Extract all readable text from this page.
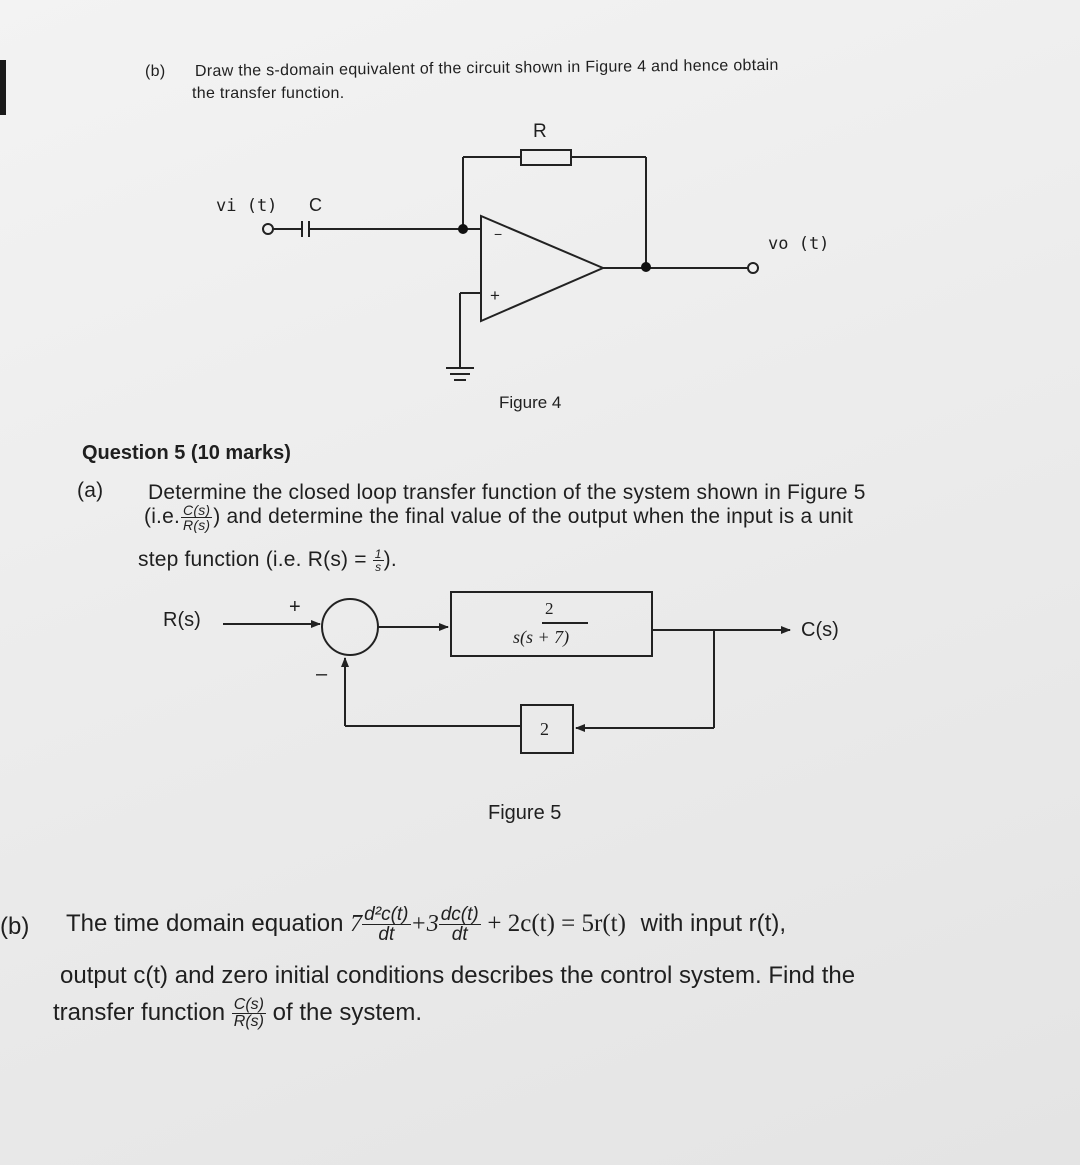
(b) Draw the s-domain equivalent of the circuit shown in Figure 4 and hence obtain
the transfer function.
R
vi (t) C
vo (t)
−
+
Figure 4
Question 5 (10 marks)
(a) Determine the closed loop transfer function of the system shown in Figure 5
(i.e. $\frac{C(s)}{R(s)}$ ) and determine the final value of the output when the input is a unit
step function (i.e. $R(s) = \frac{1}{s}$ ).
R(s)
+
–
2
s(s + 7)
2
C(s)
Figure 5
(b) The time domain equation $7 \frac{\text{d²c(t)}}{dt} +3 \frac{dc(t)}{dt} + 2c(t) = 5r(t)$ with input r(t),
output c(t) and zero initial conditions describes the control system. Find the
transfer function $\frac{C(s)}{R(s)}$ of the system.
